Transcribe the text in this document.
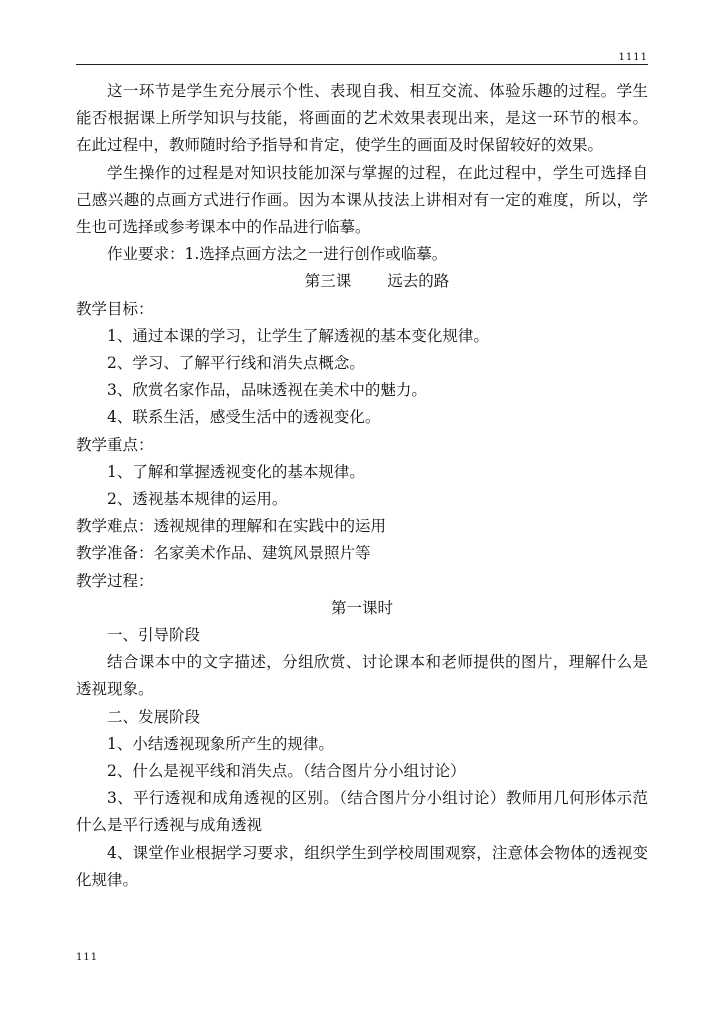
1111

这一环节是学生充分展示个性、表现自我、相互交流、体验乐趣的过程。学生能否根据课上所学知识与技能，将画面的艺术效果表现出来，是这一环节的根本。在此过程中，教师随时给予指导和肯定，使学生的画面及时保留较好的效果。

学生操作的过程是对知识技能加深与掌握的过程，在此过程中，学生可选择自己感兴趣的点画方式进行作画。因为本课从技法上讲相对有一定的难度，所以，学生也可选择或参考课本中的作品进行临摹。

作业要求：1.选择点画方法之一进行创作或临摹。

第三课 远去的路

教学目标：

1、通过本课的学习，让学生了解透视的基本变化规律。

2、学习、了解平行线和消失点概念。

3、欣赏名家作品，品味透视在美术中的魅力。

4、联系生活，感受生活中的透视变化。

教学重点：

1、了解和掌握透视变化的基本规律。

2、透视基本规律的运用。

教学难点：透视规律的理解和在实践中的运用

教学准备：名家美术作品、建筑风景照片等

教学过程：

第一课时

一、引导阶段

结合课本中的文字描述，分组欣赏、讨论课本和老师提供的图片，理解什么是透视现象。

二、发展阶段

1、小结透视现象所产生的规律。

2、什么是视平线和消失点。（结合图片分小组讨论）

3、平行透视和成角透视的区别。（结合图片分小组讨论）教师用几何形体示范什么是平行透视与成角透视

4、课堂作业根据学习要求，组织学生到学校周围观察，注意体会物体的透视变化规律。

111
